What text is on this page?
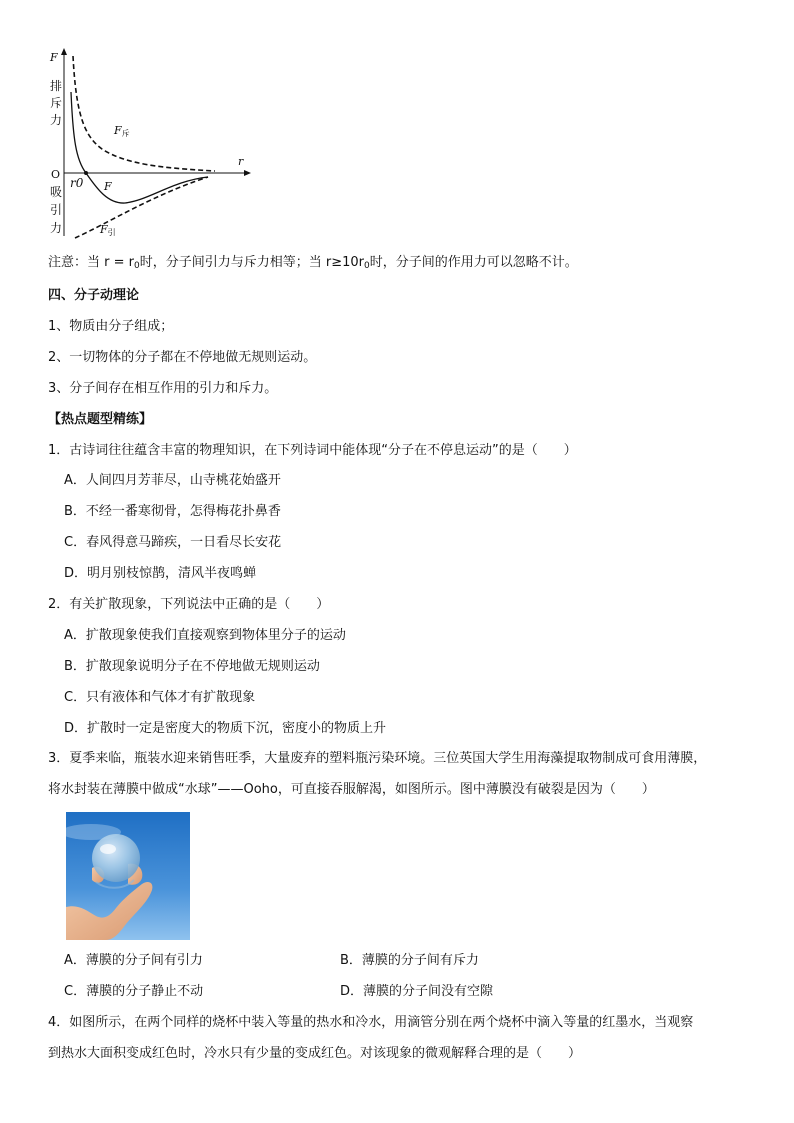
F
r
O
r0
F斥
F
F引
排
斥
力
吸
引
力
注意：当 $r = r_0$时，分子间引力与斥力相等；当 $r\ge 10r_0$时，分子间的作用力可以忽略不计。
四、分子动理论
1、物质由分子组成；
2、一切物体的分子都在不停地做无规则运动。
3、分子间存在相互作用的引力和斥力。
【热点题型精练】
1．古诗词往往蕴含丰富的物理知识，在下列诗词中能体现“分子在不停息运动”的是（　　）
A．人间四月芳菲尽，山寺桃花始盛开
B．不经一番寒彻骨，怎得梅花扑鼻香
C．春风得意马蹄疾，一日看尽长安花
D．明月别枝惊鹊，清风半夜鸣蝉
2．有关扩散现象，下列说法中正确的是（　　）
A．扩散现象使我们直接观察到物体里分子的运动
B．扩散现象说明分子在不停地做无规则运动
C．只有液体和气体才有扩散现象
D．扩散时一定是密度大的物质下沉，密度小的物质上升
3．夏季来临，瓶装水迎来销售旺季，大量废弃的塑料瓶污染环境。三位英国大学生用海藻提取物制成可食用薄膜，
将水封装在薄膜中做成“水球”——Ooho，可直接吞服解渴，如图所示。图中薄膜没有破裂是因为（　　）
A．薄膜的分子间有引力	B．薄膜的分子间有斥力
C．薄膜的分子静止不动	D．薄膜的分子间没有空隙
4．如图所示，在两个同样的烧杯中装入等量的热水和冷水，用滴管分别在两个烧杯中滴入等量的红墨水，当观察
到热水大面积变成红色时，冷水只有少量的变成红色。对该现象的微观解释合理的是（　　）
